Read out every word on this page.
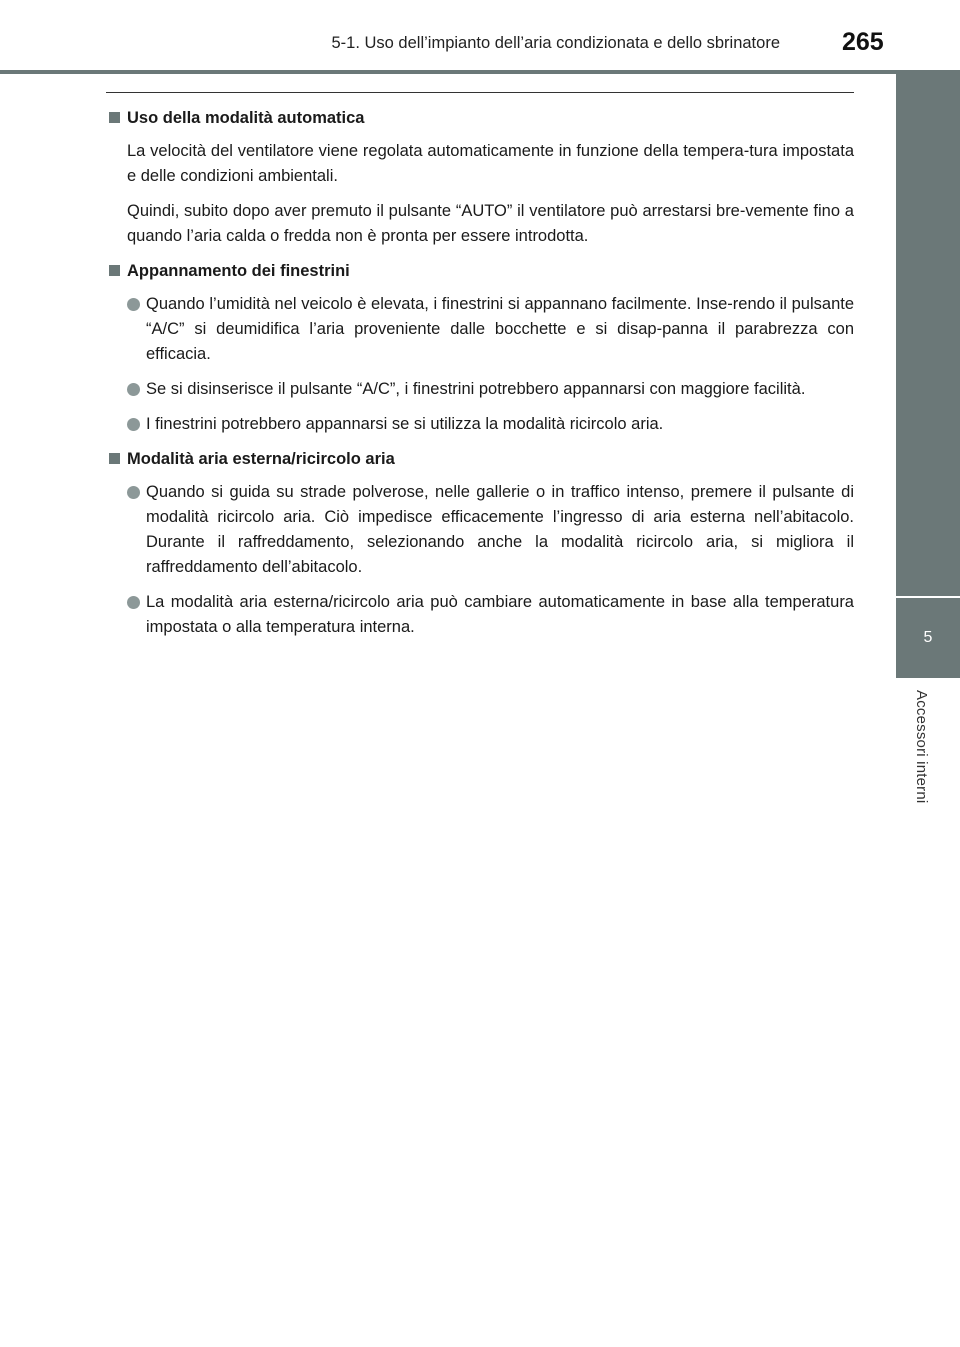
5-1. Uso dell’impianto dell’aria condizionata e dello sbrinatore 265
5
Accessori interni
Uso della modalità automatica

La velocità del ventilatore viene regolata automaticamente in funzione della tempera-tura impostata e delle condizioni ambientali.

Quindi, subito dopo aver premuto il pulsante “AUTO” il ventilatore può arrestarsi bre-vemente fino a quando l’aria calda o fredda non è pronta per essere introdotta.

Appannamento dei finestrini
Quando l’umidità nel veicolo è elevata, i finestrini si appannano facilmente. Inse-rendo il pulsante “A/C” si deumidifica l’aria proveniente dalle bocchette e si disap-panna il parabrezza con efficacia.
Se si disinserisce il pulsante “A/C”, i finestrini potrebbero appannarsi con maggiore facilità.
I finestrini potrebbero appannarsi se si utilizza la modalità ricircolo aria.
Modalità aria esterna/ricircolo aria
Quando si guida su strade polverose, nelle gallerie o in traffico intenso, premere il pulsante di modalità ricircolo aria. Ciò impedisce efficacemente l’ingresso di aria esterna nell’abitacolo. Durante il raffreddamento, selezionando anche la modalità ricircolo aria, si migliora il raffreddamento dell’abitacolo.
La modalità aria esterna/ricircolo aria può cambiare automaticamente in base alla temperatura impostata o alla temperatura interna.
